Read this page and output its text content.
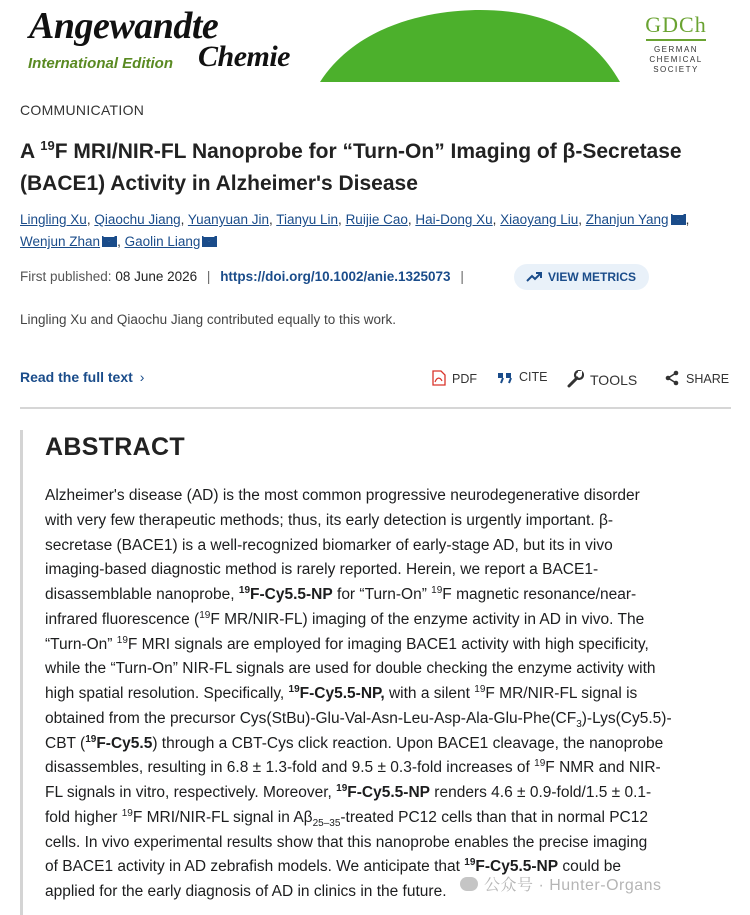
Angewandte
International Edition Chemie
GDCh
GERMAN
CHEMICAL SOCIETY
COMMUNICATION
A $^{19}$F MRI/NIR-FL Nanoprobe for “Turn-On” Imaging of β-Secretase (BACE1) Activity in Alzheimer's Disease
Lingling Xu, Qiaochu Jiang, Yuanyuan Jin, Tianyu Lin, Ruijie Cao, Hai-Dong Xu, Xiaoyang Liu, Zhanjun Yang , Wenjun Zhan , Gaolin Liang
First published: 08 June 2026 | https://doi.org/10.1002/anie.1325073 |	VIEW METRICS
Lingling Xu and Qiaochu Jiang contributed equally to this work.
Read the full text ›	PDF	CITE	TOOLS	SHARE
ABSTRACT

Alzheimer's disease (AD) is the most common progressive neurodegenerative disorder

with very few therapeutic methods; thus, its early detection is urgently important. β-

secretase (BACE1) is a well-recognized biomarker of early-stage AD, but its in vivo

imaging-based diagnostic method is rarely reported. Herein, we report a BACE1-

disassemblable nanoprobe, $^{19}$F-Cy5.5-NP for “Turn-On” $^{19}$F magnetic resonance/near-

infrared fluorescence ($^{19}$F MR/NIR-FL) imaging of the enzyme activity in AD in vivo. The

“Turn-On” $^{19}$F MRI signals are employed for imaging BACE1 activity with high specificity,

while the “Turn-On” NIR-FL signals are used for double checking the enzyme activity with

high spatial resolution. Specifically, $^{19}$F-Cy5.5-NP, with a silent $^{19}$F MR/NIR-FL signal is

obtained from the precursor $Cys(StBu)-Glu-Val-Asn-Leu-Asp-Ala-Glu-Phe(CF_3)-Lys(Cy5.5)-$

CBT ($^{19}$F-Cy5.5) through a CBT-Cys click reaction. Upon BACE1 cleavage, the nanoprobe

disassembles, resulting in 6.8 ± 1.3-fold and 9.5 ± 0.3-fold increases of $^{19}$F NMR and NIR-

FL signals in vitro, respectively. Moreover, $^{19}$F-Cy5.5-NP renders 4.6 ± 0.9-fold/1.5 ± 0.1-

fold higher $^{19}$F MRI/NIR-FL signal in $A\beta_{25-35}$-treated PC12 cells than that in normal PC12

cells. In vivo experimental results show that this nanoprobe enables the precise imaging

of BACE1 activity in AD zebrafish models. We anticipate that $^{19}$F-Cy5.5-NP could be

applied for the early diagnosis of AD in clinics in the future.	公众号 · Hunter-Organs
